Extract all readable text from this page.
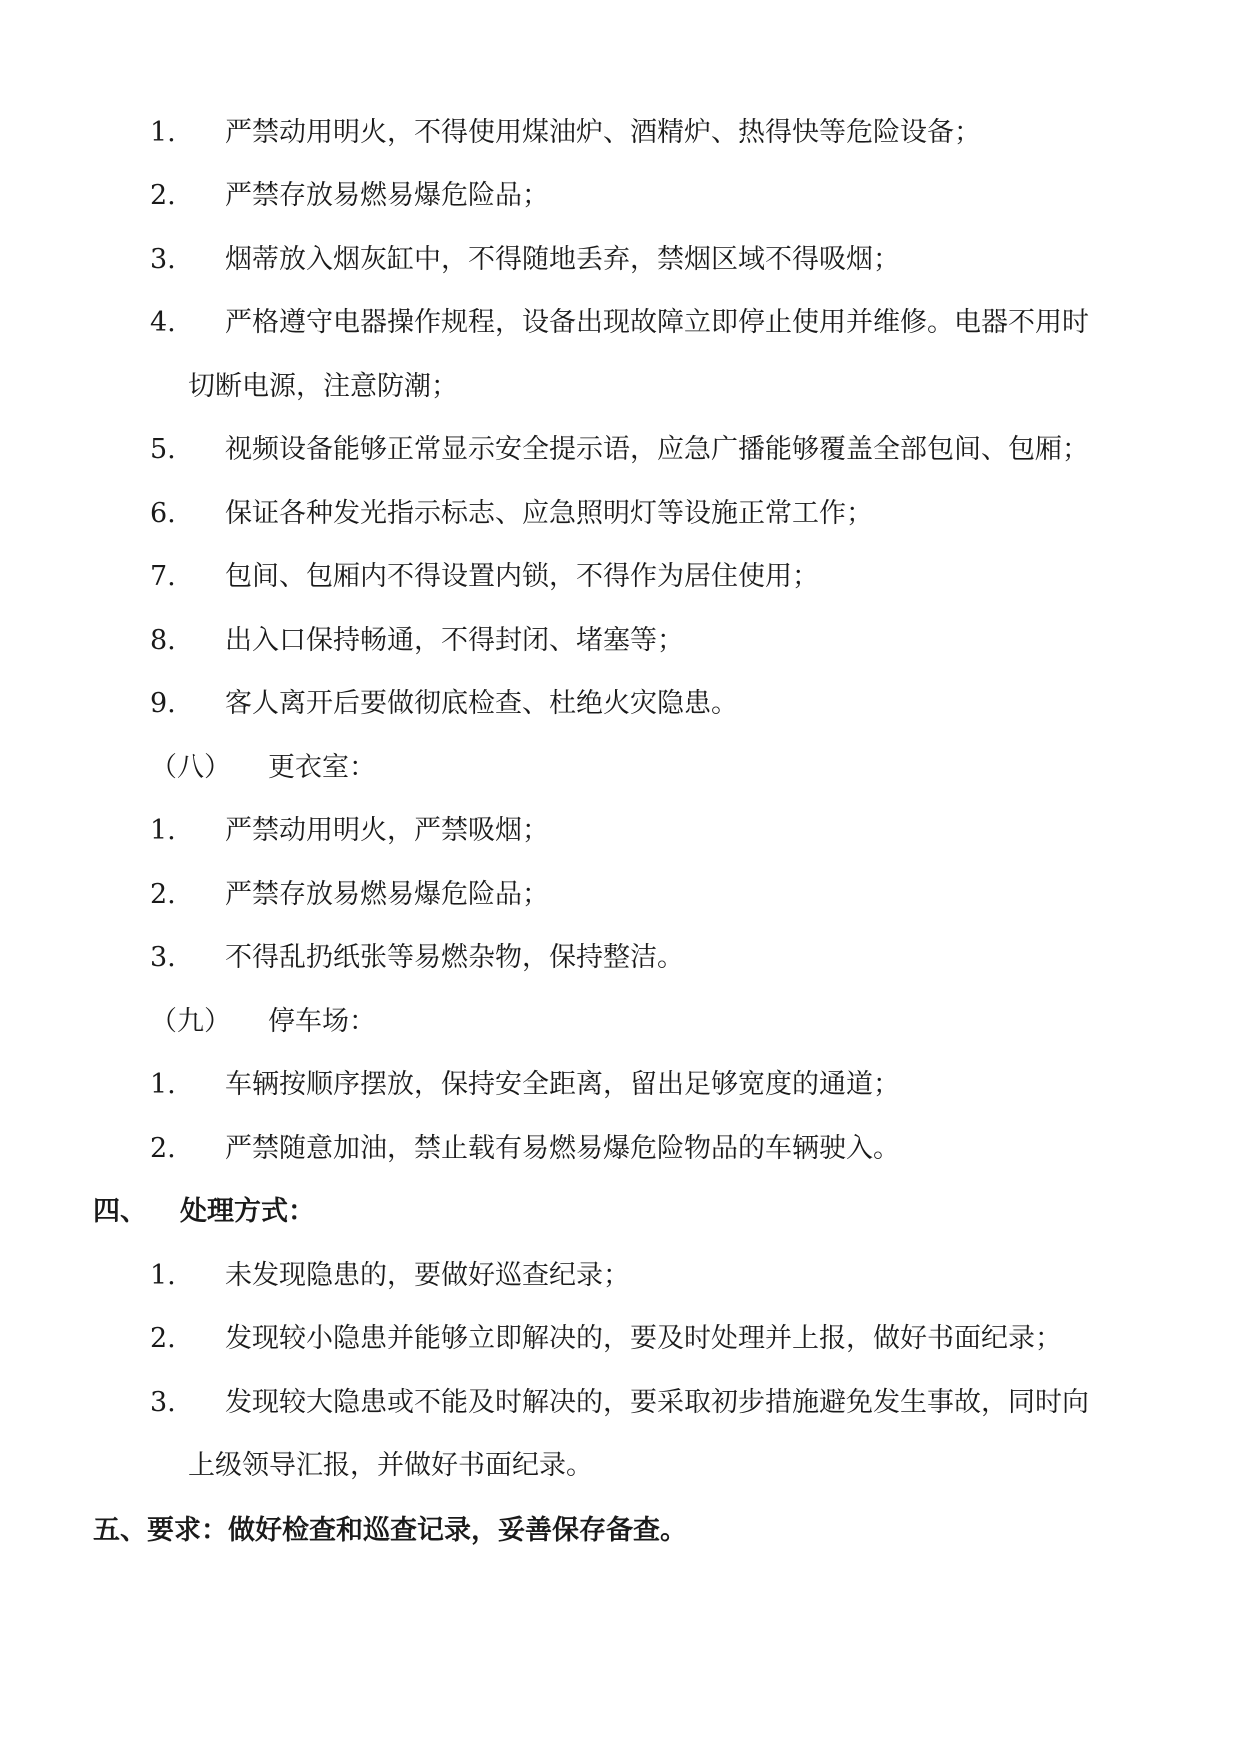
1. 严禁动用明火，不得使用煤油炉、酒精炉、热得快等危险设备；
2. 严禁存放易燃易爆危险品；
3. 烟蒂放入烟灰缸中，不得随地丢弃，禁烟区域不得吸烟；
4. 严格遵守电器操作规程，设备出现故障立即停止使用并维修。电器不用时
切断电源，注意防潮；
5. 视频设备能够正常显示安全提示语，应急广播能够覆盖全部包间、包厢；
6. 保证各种发光指示标志、应急照明灯等设施正常工作；
7. 包间、包厢内不得设置内锁，不得作为居住使用；
8. 出入口保持畅通，不得封闭、堵塞等；
9. 客人离开后要做彻底检查、杜绝火灾隐患。
（八） 更衣室：
1. 严禁动用明火，严禁吸烟；
2. 严禁存放易燃易爆危险品；
3. 不得乱扔纸张等易燃杂物，保持整洁。
（九） 停车场：
1. 车辆按顺序摆放，保持安全距离，留出足够宽度的通道；
2. 严禁随意加油，禁止载有易燃易爆危险物品的车辆驶入。
四、 处理方式：
1. 未发现隐患的，要做好巡查纪录；
2. 发现较小隐患并能够立即解决的，要及时处理并上报，做好书面纪录；
3. 发现较大隐患或不能及时解决的，要采取初步措施避免发生事故，同时向
上级领导汇报，并做好书面纪录。
五、要求：做好检查和巡查记录，妥善保存备查。
